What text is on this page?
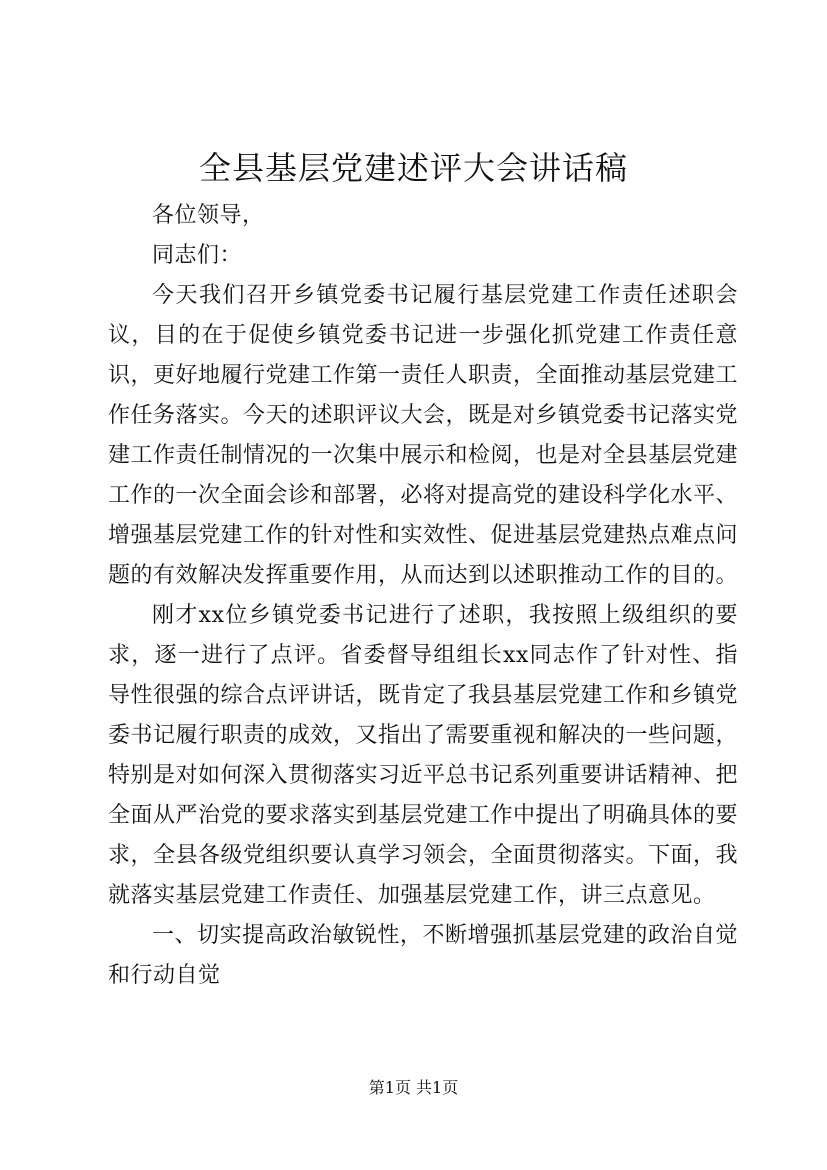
全县基层党建述评大会讲话稿

各位领导，

同志们：

今天我们召开乡镇党委书记履行基层党建工作责任述职会议，目的在于促使乡镇党委书记进一步强化抓党建工作责任意识，更好地履行党建工作第一责任人职责，全面推动基层党建工作任务落实。今天的述职评议大会，既是对乡镇党委书记落实党建工作责任制情况的一次集中展示和检阅，也是对全县基层党建工作的一次全面会诊和部署，必将对提高党的建设科学化水平、增强基层党建工作的针对性和实效性、促进基层党建热点难点问题的有效解决发挥重要作用，从而达到以述职推动工作的目的。

刚才xx位乡镇党委书记进行了述职，我按照上级组织的要求，逐一进行了点评。省委督导组组长xx同志作了针对性、指导性很强的综合点评讲话，既肯定了我县基层党建工作和乡镇党委书记履行职责的成效，又指出了需要重视和解决的一些问题，特别是对如何深入贯彻落实习近平总书记系列重要讲话精神、把全面从严治党的要求落实到基层党建工作中提出了明确具体的要求，全县各级党组织要认真学习领会，全面贯彻落实。下面，我就落实基层党建工作责任、加强基层党建工作，讲三点意见。

一、切实提高政治敏锐性，不断增强抓基层党建的政治自觉和行动自觉

第1页 共1页
